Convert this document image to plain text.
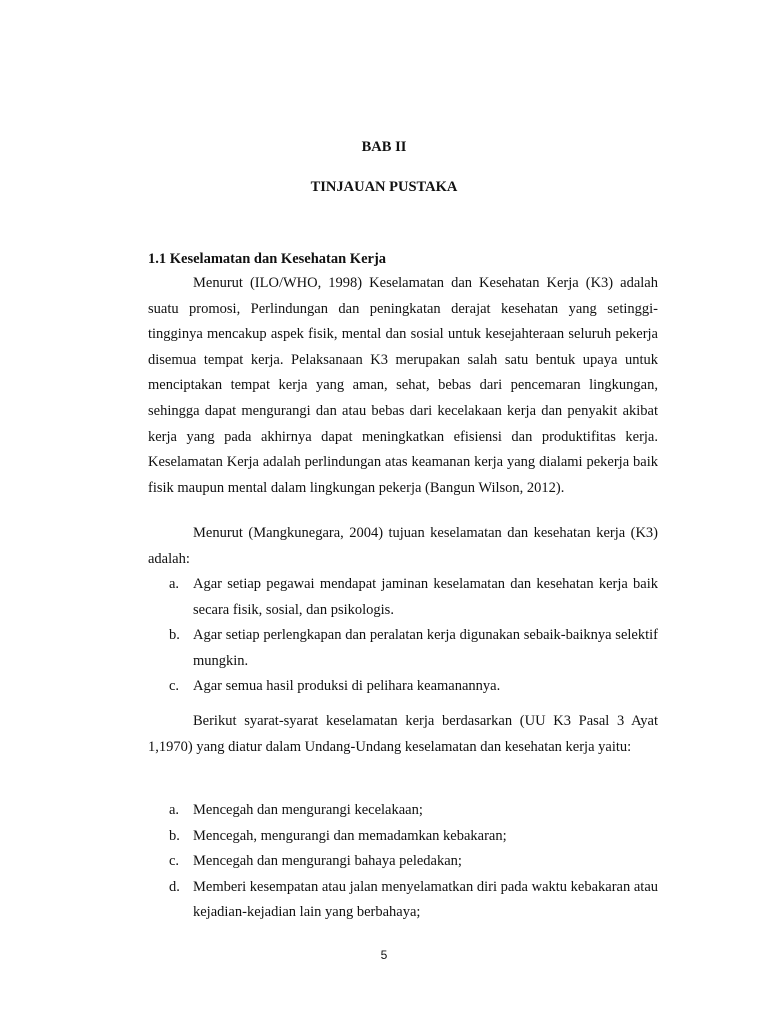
BAB II
TINJAUAN PUSTAKA
1.1 Keselamatan dan Kesehatan Kerja

Menurut (ILO/WHO, 1998) Keselamatan dan Kesehatan Kerja (K3) adalah suatu promosi, Perlindungan dan peningkatan derajat kesehatan yang setinggi-tingginya mencakup aspek fisik, mental dan sosial untuk kesejahteraan seluruh pekerja disemua tempat kerja. Pelaksanaan K3 merupakan salah satu bentuk upaya untuk menciptakan tempat kerja yang aman, sehat, bebas dari pencemaran lingkungan, sehingga dapat mengurangi dan atau bebas dari kecelakaan kerja dan penyakit akibat kerja yang pada akhirnya dapat meningkatkan efisiensi dan produktifitas kerja. Keselamatan Kerja adalah perlindungan atas keamanan kerja yang dialami pekerja baik fisik maupun mental dalam lingkungan pekerja (Bangun Wilson, 2012).

Menurut (Mangkunegara, 2004) tujuan keselamatan dan kesehatan kerja (K3) adalah:

a. Agar setiap pegawai mendapat jaminan keselamatan dan kesehatan kerja baik secara fisik, sosial, dan psikologis.
b. Agar setiap perlengkapan dan peralatan kerja digunakan sebaik-baiknya selektif mungkin.
c. Agar semua hasil produksi di pelihara keamanannya.

Berikut syarat-syarat keselamatan kerja berdasarkan (UU K3 Pasal 3 Ayat 1,1970) yang diatur dalam Undang-Undang keselamatan dan kesehatan kerja yaitu:

a. Mencegah dan mengurangi kecelakaan;
b. Mencegah, mengurangi dan memadamkan kebakaran;
c. Mencegah dan mengurangi bahaya peledakan;
d. Memberi kesempatan atau jalan menyelamatkan diri pada waktu kebakaran atau kejadian-kejadian lain yang berbahaya;
5
